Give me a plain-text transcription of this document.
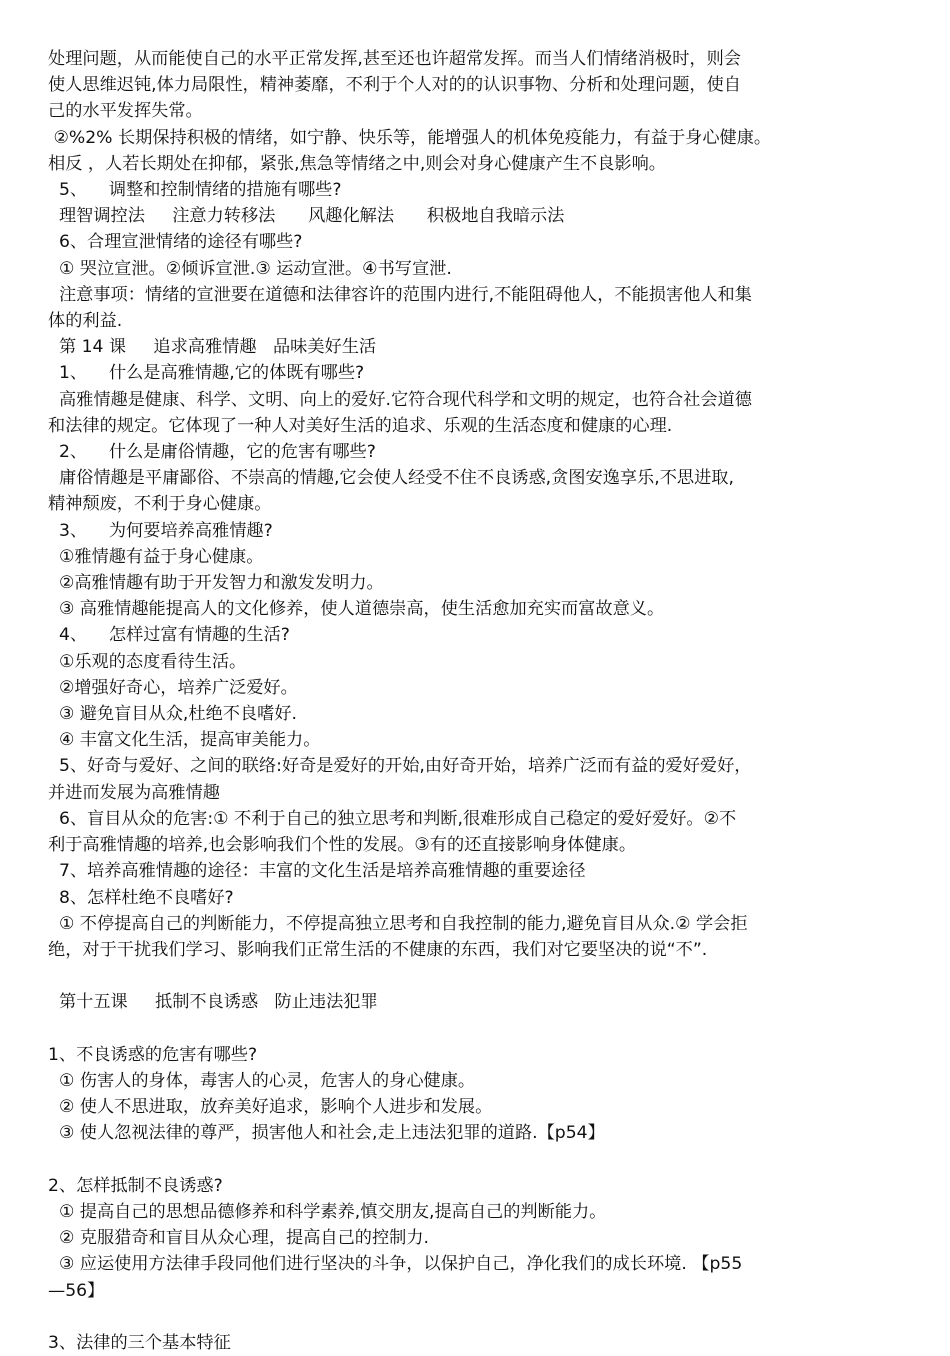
处理问题，从而能使自己的水平正常发挥,甚至还也许超常发挥。而当人们情绪消极时，则会
使人思维迟钝,体力局限性，精神萎靡，不利于个人对的的认识事物、分析和处理问题，使自
己的水平发挥失常。
②%2% 长期保持积极的情绪，如宁静、快乐等，能增强人的机体免疫能力，有益于身心健康。
相反 ，人若长期处在抑郁，紧张,焦急等情绪之中,则会对身心健康产生不良影响。
5、    调整和控制情绪的措施有哪些?
理智调控法     注意力转移法      风趣化解法      积极地自我暗示法
6、合理宣泄情绪的途径有哪些?
① 哭泣宣泄。②倾诉宣泄.③ 运动宣泄。④书写宣泄.
注意事项：情绪的宣泄要在道德和法律容许的范围内进行,不能阻碍他人，不能损害他人和集
体的利益.
第 14 课     追求高雅情趣   品味美好生活
1、    什么是高雅情趣,它的体既有哪些?
高雅情趣是健康、科学、文明、向上的爱好.它符合现代科学和文明的规定，也符合社会道德
和法律的规定。它体现了一种人对美好生活的追求、乐观的生活态度和健康的心理.
2、    什么是庸俗情趣，它的危害有哪些?
庸俗情趣是平庸鄙俗、不崇高的情趣,它会使人经受不住不良诱惑,贪图安逸享乐,不思进取,
精神颓废，不利于身心健康。
3、    为何要培养高雅情趣?
①雅情趣有益于身心健康。
②高雅情趣有助于开发智力和激发发明力。
③ 高雅情趣能提高人的文化修养，使人道德崇高，使生活愈加充实而富故意义。
4、    怎样过富有情趣的生活?
①乐观的态度看待生活。
②增强好奇心，培养广泛爱好。
③ 避免盲目从众,杜绝不良嗜好.
④ 丰富文化生活，提高审美能力。
5、好奇与爱好、之间的联络:好奇是爱好的开始,由好奇开始，培养广泛而有益的爱好爱好，
并进而发展为高雅情趣
6、盲目从众的危害:① 不利于自己的独立思考和判断,很难形成自己稳定的爱好爱好。②不
利于高雅情趣的培养,也会影响我们个性的发展。③有的还直接影响身体健康。
7、培养高雅情趣的途径：丰富的文化生活是培养高雅情趣的重要途径
8、怎样杜绝不良嗜好?
① 不停提高自己的判断能力，不停提高独立思考和自我控制的能力,避免盲目从众.② 学会拒
绝，对于干扰我们学习、影响我们正常生活的不健康的东西，我们对它要坚决的说“不”.
第十五课     抵制不良诱惑   防止违法犯罪
1、不良诱惑的危害有哪些?
① 伤害人的身体，毒害人的心灵，危害人的身心健康。
② 使人不思进取，放弃美好追求，影响个人进步和发展。
③ 使人忽视法律的尊严，损害他人和社会,走上违法犯罪的道路.【p54】
2、怎样抵制不良诱惑?
① 提高自己的思想品德修养和科学素养,慎交朋友,提高自己的判断能力。
② 克服猎奇和盲目从众心理，提高自己的控制力.
③ 应运使用方法律手段同他们进行坚决的斗争，以保护自己，净化我们的成长环境. 【p55
—56】
3、法律的三个基本特征
